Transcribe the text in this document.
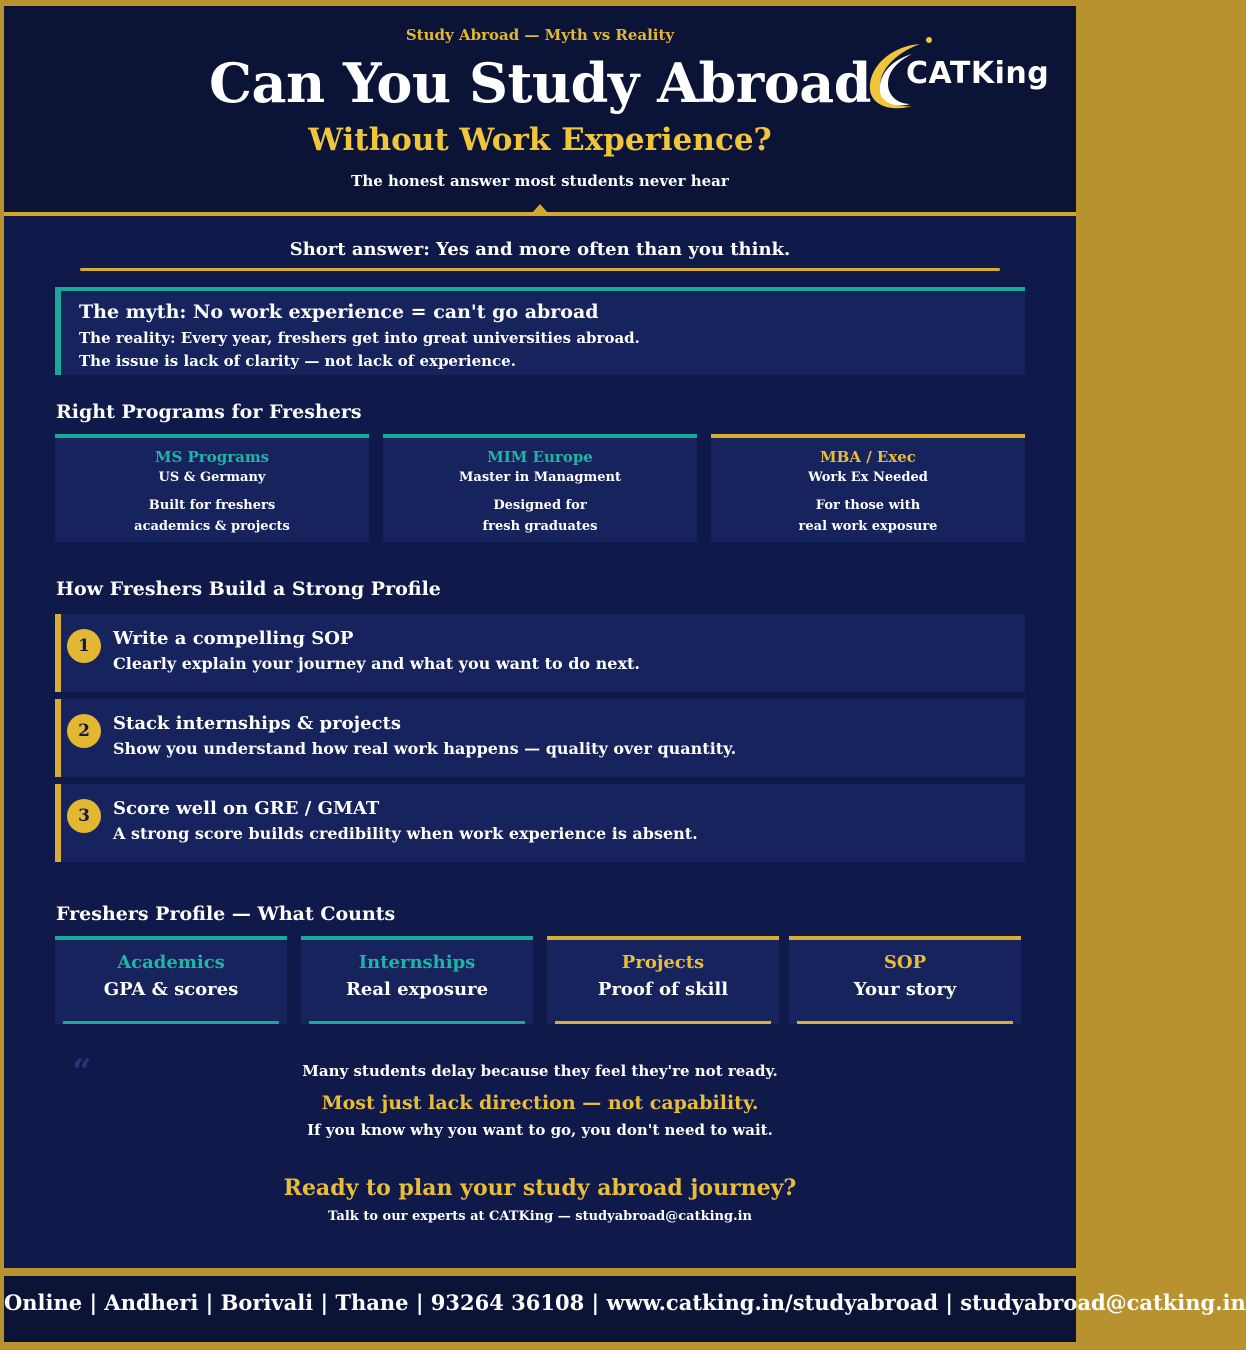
Study Abroad — Myth vs Reality
Can You Study Abroad
Without Work Experience?
The honest answer most students never hear
CATKing
Short answer: Yes and more often than you think.
The myth: No work experience = can't go abroad
The reality: Every year, freshers get into great universities abroad.
The issue is lack of clarity — not lack of experience.
Right Programs for Freshers
MS Programs
US & Germany
Built for freshers
academics & projects
MIM Europe
Master in Managment
Designed for
fresh graduates
MBA / Exec
Work Ex Needed
For those with
real work exposure
How Freshers Build a Strong Profile
1	Write a compelling SOP
Clearly explain your journey and what you want to do next.
2	Stack internships & projects
Show you understand how real work happens — quality over quantity.
3	Score well on GRE / GMAT
A strong score builds credibility when work experience is absent.
Freshers Profile — What Counts
Academics
GPA & scores
Internships
Real exposure
Projects
Proof of skill
SOP
Your story
“	Many students delay because they feel they're not ready.
Most just lack direction — not capability.
If you know why you want to go, you don't need to wait.
Ready to plan your study abroad journey?
Talk to our experts at CATKing — studyabroad@catking.in
Online | Andheri | Borivali | Thane | 93264 36108 | www.catking.in/studyabroad | studyabroad@catking.in
